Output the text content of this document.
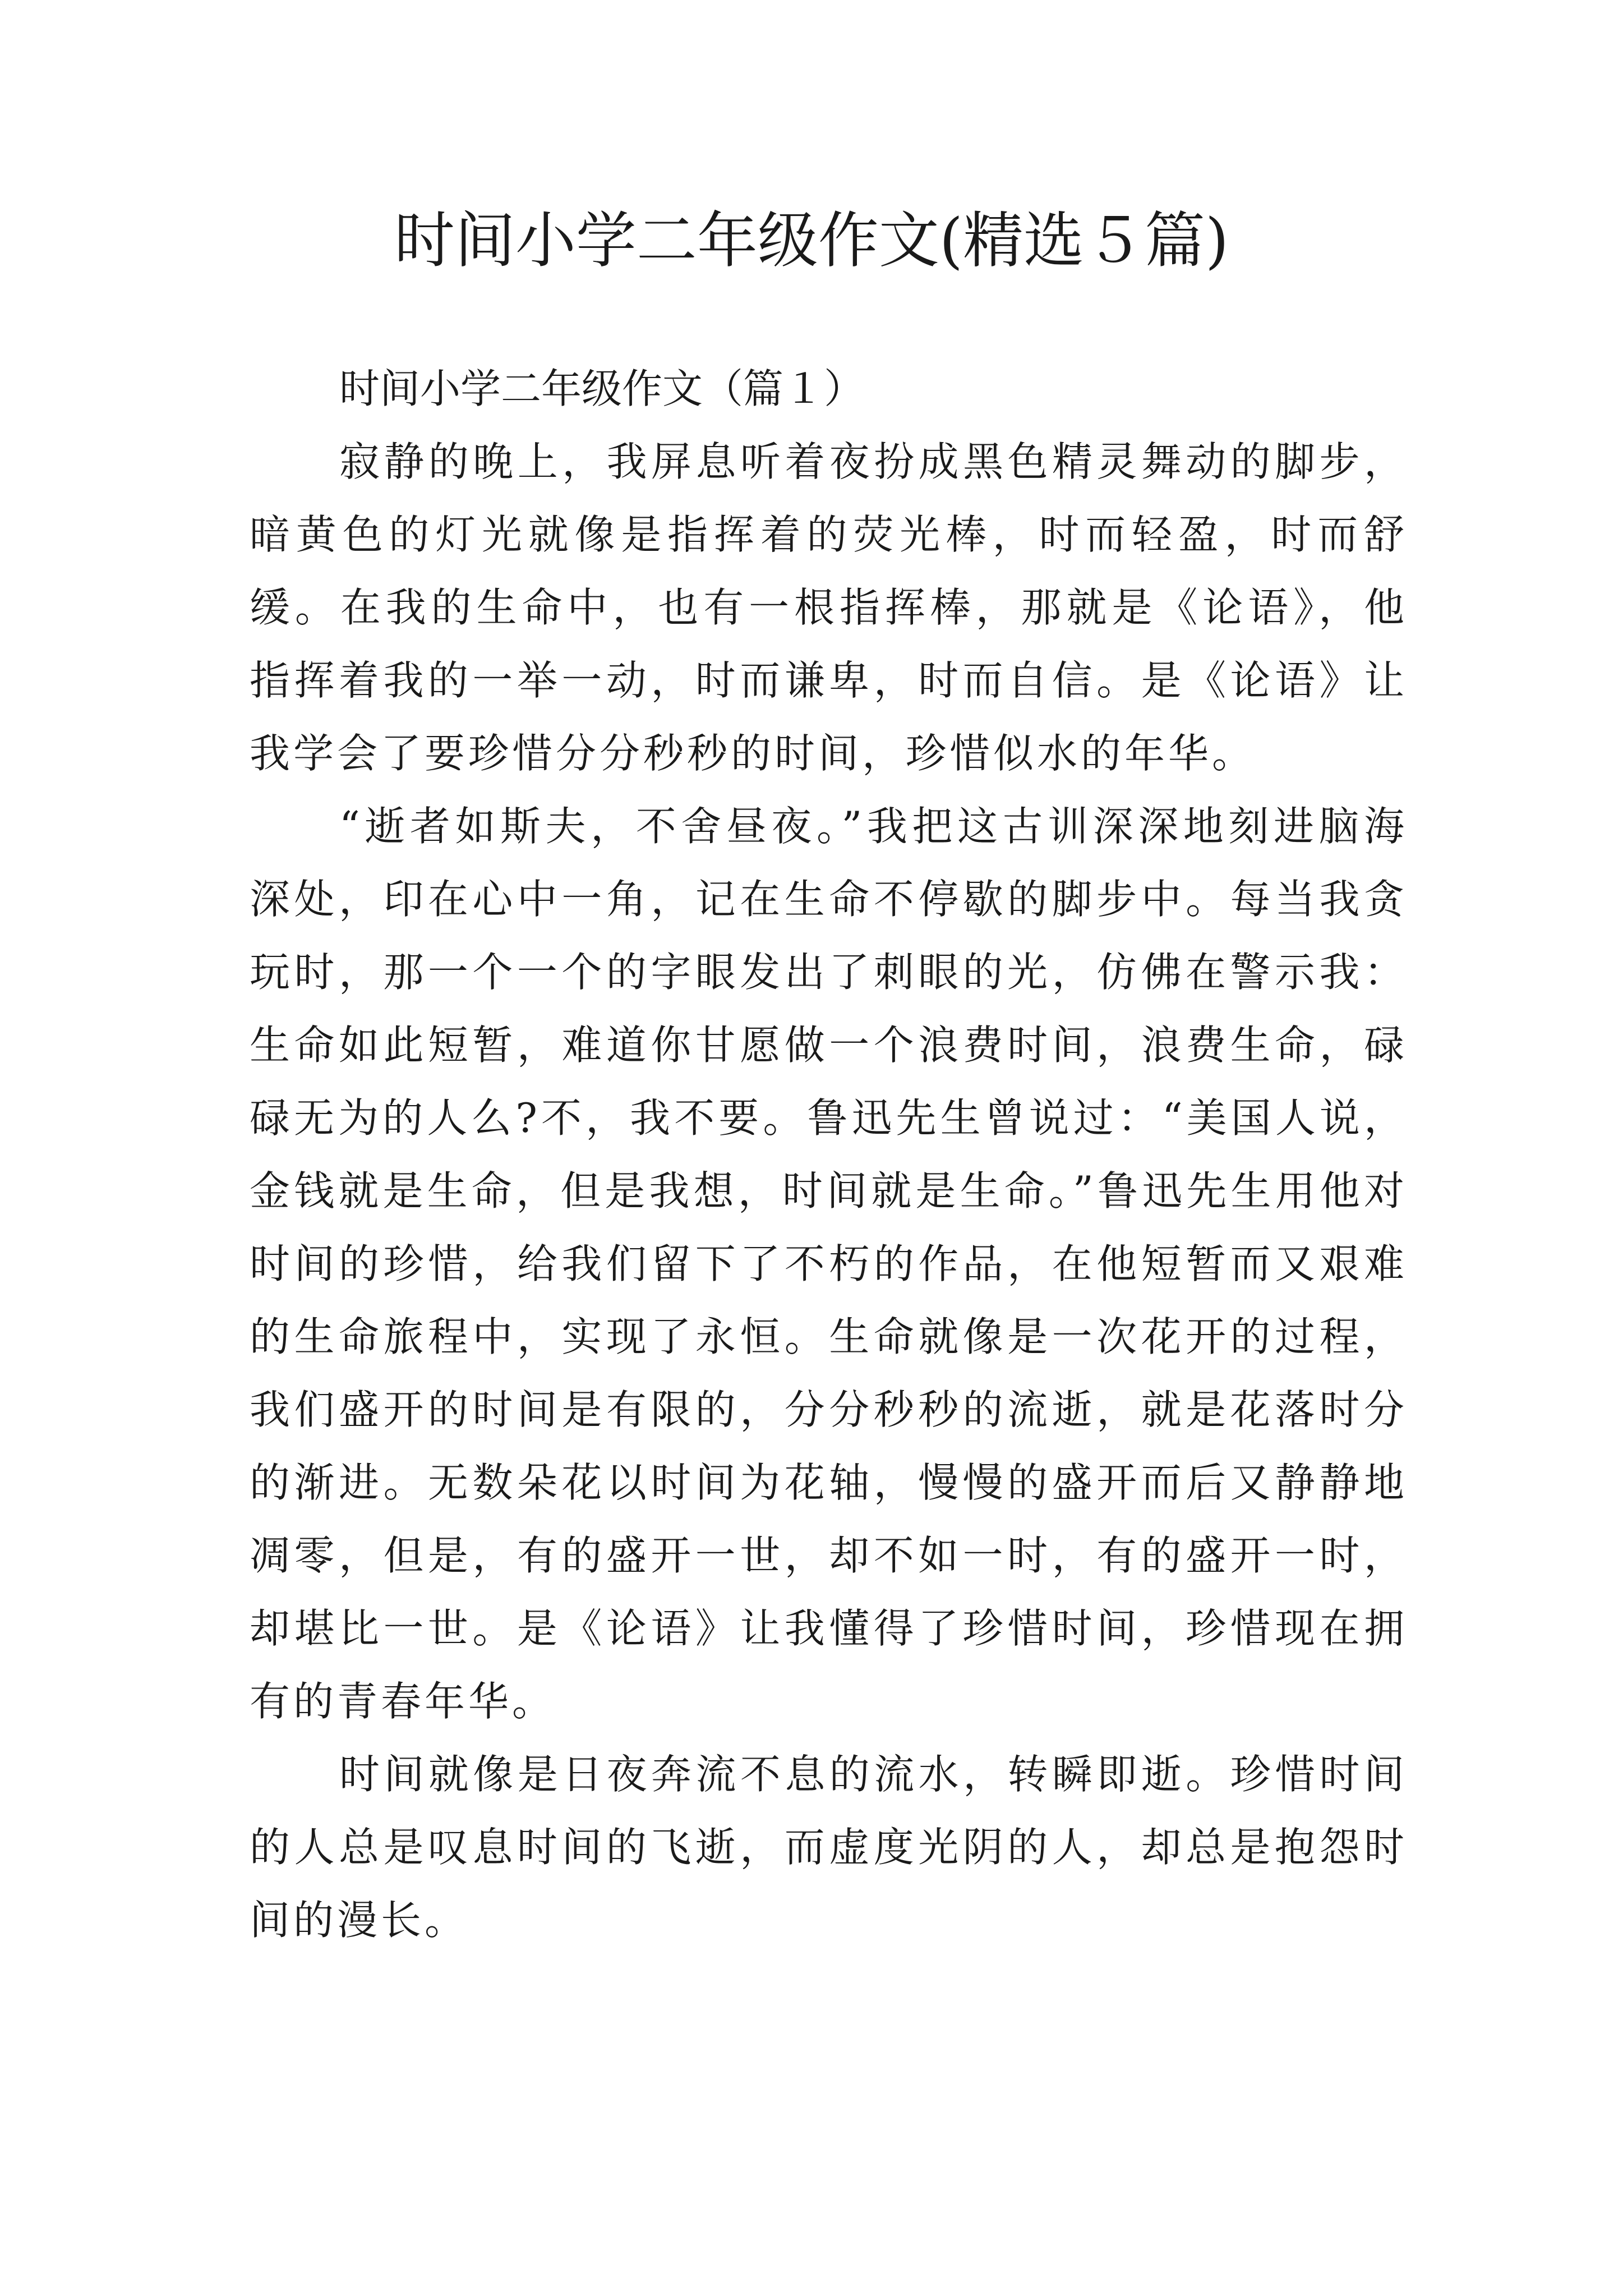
时间小学二年级作文(精选５篇)
时间小学二年级作文（篇１）

寂静的晚上，我屏息听着夜扮成黑色精灵舞动的脚步，暗黄色的灯光就像是指挥着的荧光棒，时而轻盈，时而舒缓。在我的生命中，也有一根指挥棒，那就是《论语》，他指挥着我的一举一动，时而谦卑，时而自信。是《论语》让我学会了要珍惜分分秒秒的时间，珍惜似水的年华。

“逝者如斯夫，不舍昼夜。”我把这古训深深地刻进脑海深处，印在心中一角，记在生命不停歇的脚步中。每当我贪玩时，那一个一个的字眼发出了刺眼的光，仿佛在警示我：生命如此短暂，难道你甘愿做一个浪费时间，浪费生命，碌碌无为的人么?不，我不要。鲁迅先生曾说过：“美国人说，金钱就是生命，但是我想，时间就是生命。”鲁迅先生用他对时间的珍惜，给我们留下了不朽的作品，在他短暂而又艰难的生命旅程中，实现了永恒。生命就像是一次花开的过程，我们盛开的时间是有限的，分分秒秒的流逝，就是花落时分的渐进。无数朵花以时间为花轴，慢慢的盛开而后又静静地凋零，但是，有的盛开一世，却不如一时，有的盛开一时，却堪比一世。是《论语》让我懂得了珍惜时间，珍惜现在拥有的青春年华。

时间就像是日夜奔流不息的流水，转瞬即逝。珍惜时间的人总是叹息时间的飞逝，而虚度光阴的人，却总是抱怨时间的漫长。
